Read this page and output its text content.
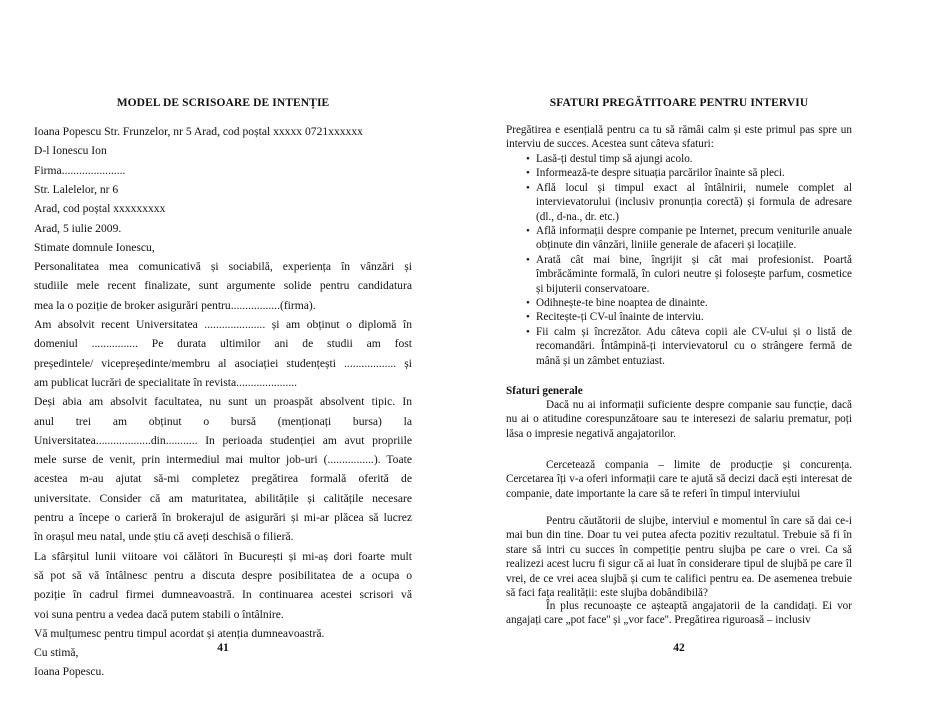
MODEL DE SCRISOARE DE INTENȚIE
Ioana Popescu Str. Frunzelor, nr 5 Arad, cod poștal xxxxx 0721xxxxxx
D-l Ionescu Ion
Firma......................
Str. Lalelelor, nr 6
Arad, cod poștal xxxxxxxxx
Arad, 5 iulie 2009.
Stimate domnule Ionescu,
Personalitatea mea comunicativă și sociabilă, experiența în vânzări și
studiile mele recent finalizate, sunt argumente solide pentru candidatura
mea la o poziție de broker asigurări pentru.................(firma).
Am absolvit recent Universitatea ..................... și am obținut o diplomă în
domeniul ................ Pe durata ultimilor ani de studii am fost
președintele/ vicepreședinte/membru al asociației studențești .................. și
am publicat lucrări de specialitate în revista.....................
Deși abia am absolvit facultatea, nu sunt un proaspăt absolvent tipic. In
anul trei am obținut o bursă (menționați bursa) la
Universitatea...................din........... In perioada studenției am avut propriile
mele surse de venit, prin intermediul mai multor job-uri (................). Toate
acestea m-au ajutat să-mi completez pregătirea formală oferită de
universitate. Consider că am maturitatea, abilitățile și calitățile necesare
pentru a începe o carieră în brokerajul de asigurări și mi-ar plăcea să lucrez
în orașul meu natal, unde știu că aveți deschisă o filieră.
La sfârșitul lunii viitoare voi călători în București și mi-aș dori foarte mult
să pot să vă întâlnesc pentru a discuta despre posibilitatea de a ocupa o
poziție în cadrul firmei dumneavoastră. In continuarea acestei scrisori vă
voi suna pentru a vedea dacă putem stabili o întâlnire.
Vă mulțumesc pentru timpul acordat și atenția dumneavoastră.
Cu stimă,
Ioana Popescu.
41
SFATURI PREGĂTITOARE PENTRU INTERVIU
Pregătirea e esențială pentru ca tu să rămâi calm și este primul pas spre un interviu de succes. Acestea sunt câteva sfaturi:
• Lasă-ți destul timp să ajungi acolo.
• Informează-te despre situația parcărilor înainte să pleci.
• Află locul și timpul exact al întâlnirii, numele complet al intervievatorului (inclusiv pronunția corectă) și formula de adresare (dl., d-na., dr. etc.)
• Află informații despre companie pe Internet, precum veniturile anuale obținute din vânzări, liniile generale de afaceri și locațiile.
• Arată cât mai bine, îngrijit și cât mai profesionist. Poartă îmbrăcăminte formală, în culori neutre și folosește parfum, cosmetice și bijuterii conservatoare.
• Odihnește-te bine noaptea de dinainte.
• Recitește-ți CV-ul înainte de interviu.
• Fii calm și încrezător. Adu câteva copii ale CV-ului și o listă de recomandări. Întâmpină-ți intervievatorul cu o strângere fermă de mână și un zâmbet entuziast.
Sfaturi generale
Dacă nu ai informații suficiente despre companie sau funcție, dacă nu ai o atitudine corespunzătoare sau te interesezi de salariu prematur, poți lăsa o impresie negativă angajatorilor.
Cercetează compania – limite de producție și concurența. Cercetarea îți v-a oferi informații care te ajută să decizi dacă ești interesat de companie, date importante la care să te referi în timpul interviului
Pentru căutătorii de slujbe, interviul e momentul în care să dai ce-i mai bun din tine. Doar tu vei putea afecta pozitiv rezultatul. Trebuie să fi în stare să intri cu succes în competiție pentru slujba pe care o vrei. Ca să realizezi acest lucru fi sigur că ai luat în considerare tipul de slujbă pe care îl vrei, de ce vrei acea slujbă și cum te califici pentru ea. De asemenea trebuie să faci fața realității: este slujba dobândibilă?
În plus recunoaște ce așteaptă angajatorii de la candidați. Ei vor angajați care „pot face'' și „vor face''. Pregătirea riguroasă – inclusiv
42
